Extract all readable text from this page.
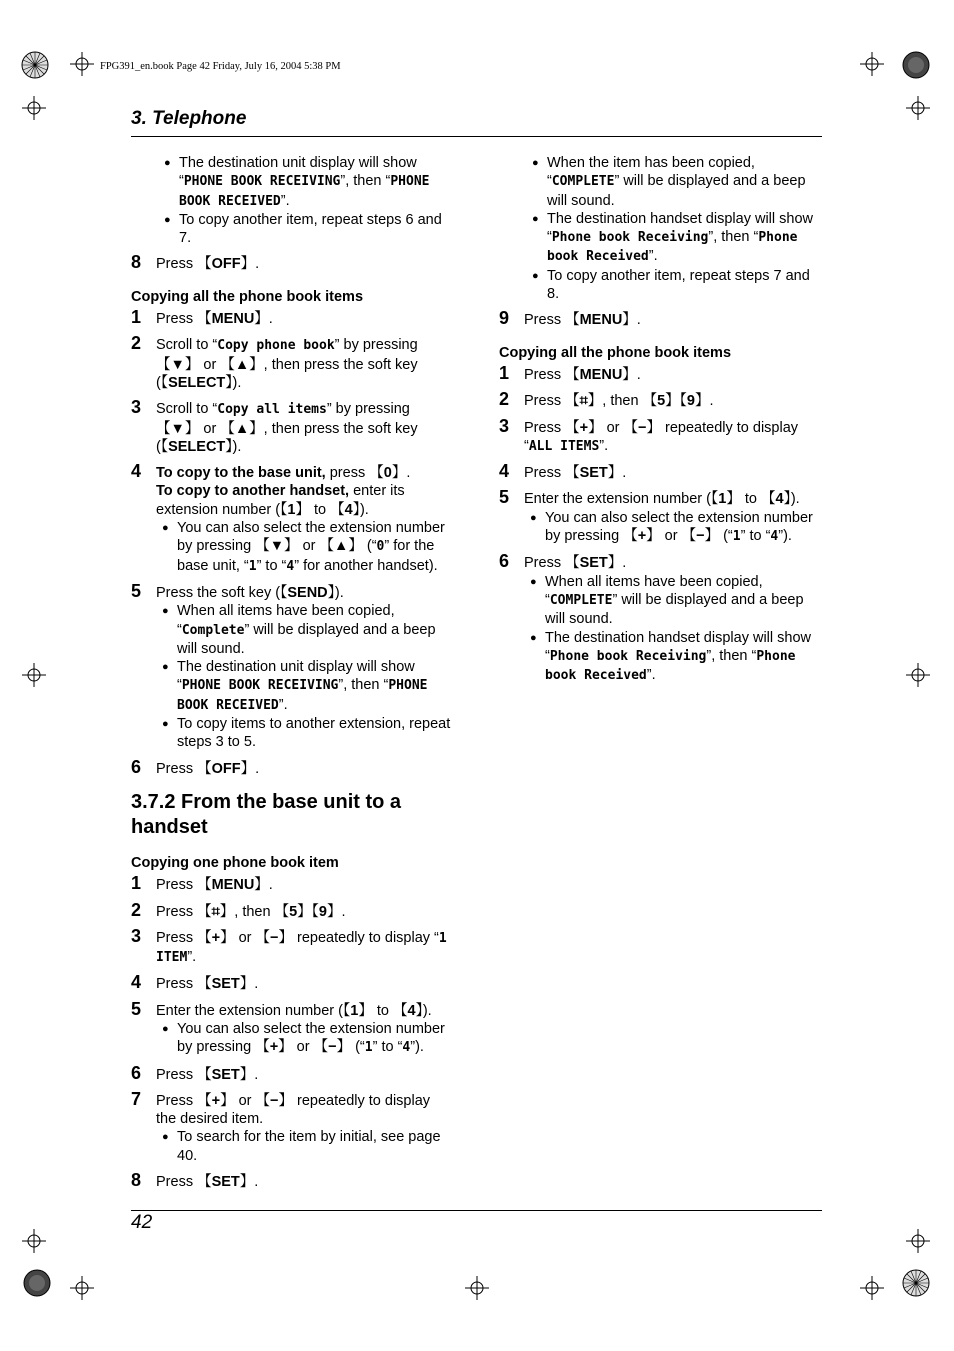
FPG391_en.book Page 42 Friday, July 16, 2004 5:38 PM
3. Telephone
● The destination unit display will show “PHONE BOOK RECEIVING”, then “PHONE BOOK RECEIVED”.
● To copy another item, repeat steps 6 and 7.
8 Press 【 OFF 】 .
Copying all the phone book items
1 Press 【 MENU 】 .
2 Scroll to “Copy phone book” by pressing 【 ▼ 】 or 【 ▲ 】 , then press the soft key ( 【 SELECT 】 ).
3 Scroll to “Copy all items” by pressing 【 ▼ 】 or 【 ▲ 】 , then press the soft key ( 【 SELECT 】 ).
4 To copy to the base unit, press 【 0 】 .
To copy to another handset, enter its extension number ( 【 1 】 to 【 4 】 ).
● You can also select the extension number by pressing 【 ▼ 】 or 【 ▲ 】 (“0” for the base unit, “1” to “4” for another handset).
5 Press the soft key ( 【 SEND 】 ).
● When all items have been copied, “Complete” will be displayed and a beep will sound.
● The destination unit display will show “PHONE BOOK RECEIVING”, then “PHONE BOOK RECEIVED”.
● To copy items to another extension, repeat steps 3 to 5.
6 Press 【 OFF 】 .
3.7.2 From the base unit to a handset
Copying one phone book item
1 Press 【 MENU 】 .
2 Press 【 ⌗ 】 , then 【 5 】 【 9 】 .
3 Press 【 + 】 or 【 − 】 repeatedly to display “1 ITEM”.
4 Press 【 SET 】 .
5 Enter the extension number ( 【 1 】 to 【 4 】 ).
● You can also select the extension number by pressing 【 + 】 or 【 − 】 (“1” to “4”).
6 Press 【 SET 】 .
7 Press 【 + 】 or 【 − 】 repeatedly to display the desired item.
● To search for the item by initial, see page 40.
8 Press 【 SET 】 .
● When the item has been copied, “COMPLETE” will be displayed and a beep will sound.
● The destination handset display will show “Phone book Receiving”, then “Phone book Received”.
● To copy another item, repeat steps 7 and 8.
9 Press 【 MENU 】 .
Copying all the phone book items
1 Press 【 MENU 】 .
2 Press 【 ⌗ 】 , then 【 5 】 【 9 】 .
3 Press 【 + 】 or 【 − 】 repeatedly to display “ALL ITEMS”.
4 Press 【 SET 】 .
5 Enter the extension number ( 【 1 】 to 【 4 】 ).
● You can also select the extension number by pressing 【 + 】 or 【 − 】 (“1” to “4”).
6 Press 【 SET 】 .
● When all items have been copied, “COMPLETE” will be displayed and a beep will sound.
● The destination handset display will show “Phone book Receiving”, then “Phone book Received”.
42
